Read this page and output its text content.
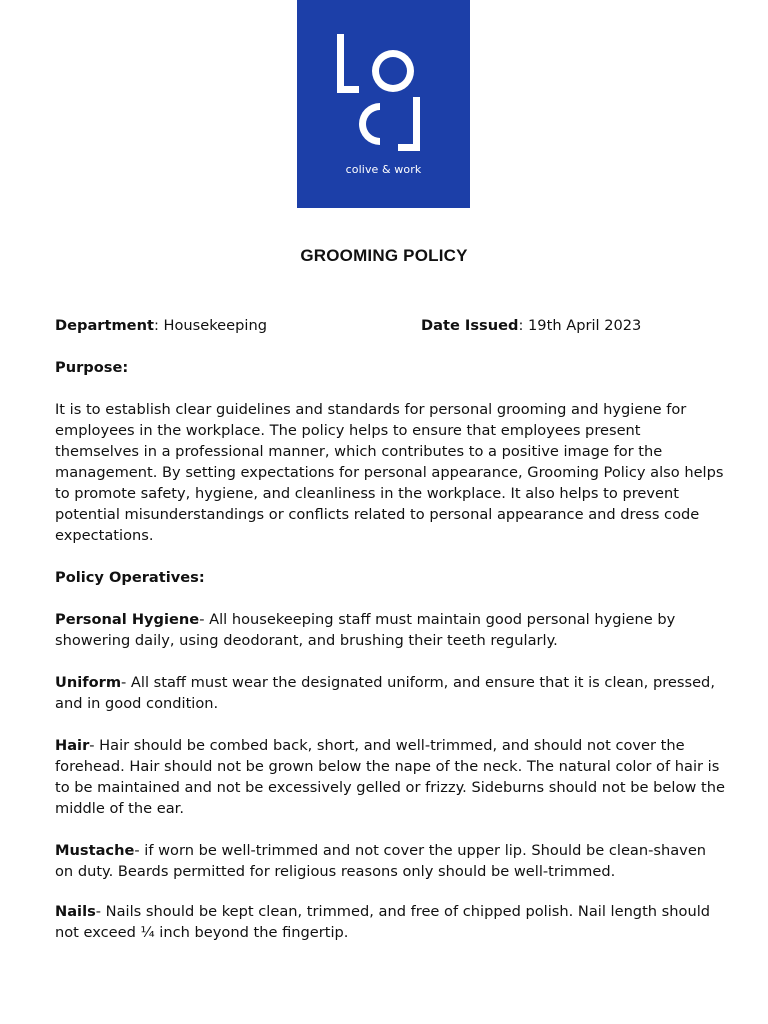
colive & work
GROOMING POLICY
Department: Housekeeping	Date Issued: 19th April 2023

Purpose:

It is to establish clear guidelines and standards for personal grooming and hygiene for employees in the workplace. The policy helps to ensure that employees present themselves in a professional manner, which contributes to a positive image for the management. By setting expectations for personal appearance, Grooming Policy also helps to promote safety, hygiene, and cleanliness in the workplace. It also helps to prevent potential misunderstandings or conflicts related to personal appearance and dress code expectations.

Policy Operatives:

Personal Hygiene- All housekeeping staff must maintain good personal hygiene by showering daily, using deodorant, and brushing their teeth regularly.

Uniform- All staff must wear the designated uniform, and ensure that it is clean, pressed, and in good condition.

Hair- Hair should be combed back, short, and well-trimmed, and should not cover the forehead. Hair should not be grown below the nape of the neck. The natural color of hair is to be maintained and not be excessively gelled or frizzy. Sideburns should not be below the middle of the ear.

Mustache- if worn be well-trimmed and not cover the upper lip. Should be clean-shaven on duty. Beards permitted for religious reasons only should be well-trimmed.

Nails- Nails should be kept clean, trimmed, and free of chipped polish. Nail length should not exceed ¼ inch beyond the fingertip.
